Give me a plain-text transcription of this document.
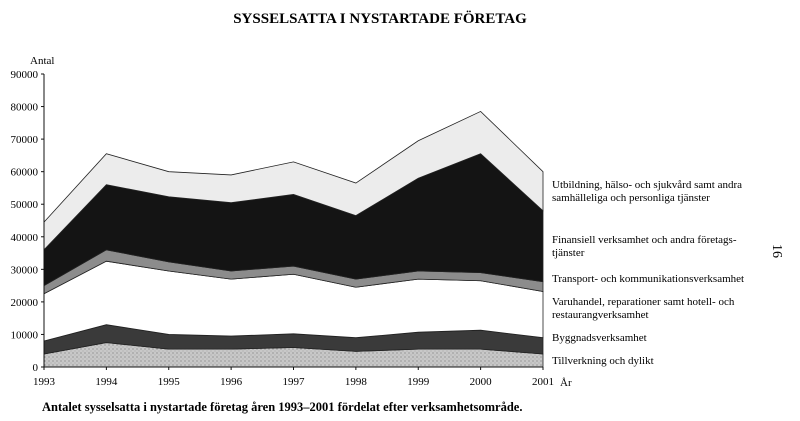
SYSSELSATTA I NYSTARTADE FÖRETAG
Antal
År
0
10000
20000
30000
40000
50000
60000
70000
80000
90000
1993	1994	1995	1996	1997	1998	1999	2000	2001
Tillverkning och dylikt
Byggnadsverksamhet
Varuhandel, reparationer samt hotell- och
restaurangverksamhet
Transport- och kommunikationsverksamhet
Finansiell verksamhet och andra företags-
tjänster
Utbildning, hälso- och sjukvård samt andra
samhälleliga och personliga tjänster
Antalet sysselsatta i nystartade företag åren 1993–2001 fördelat efter verksamhetsområde.
16
